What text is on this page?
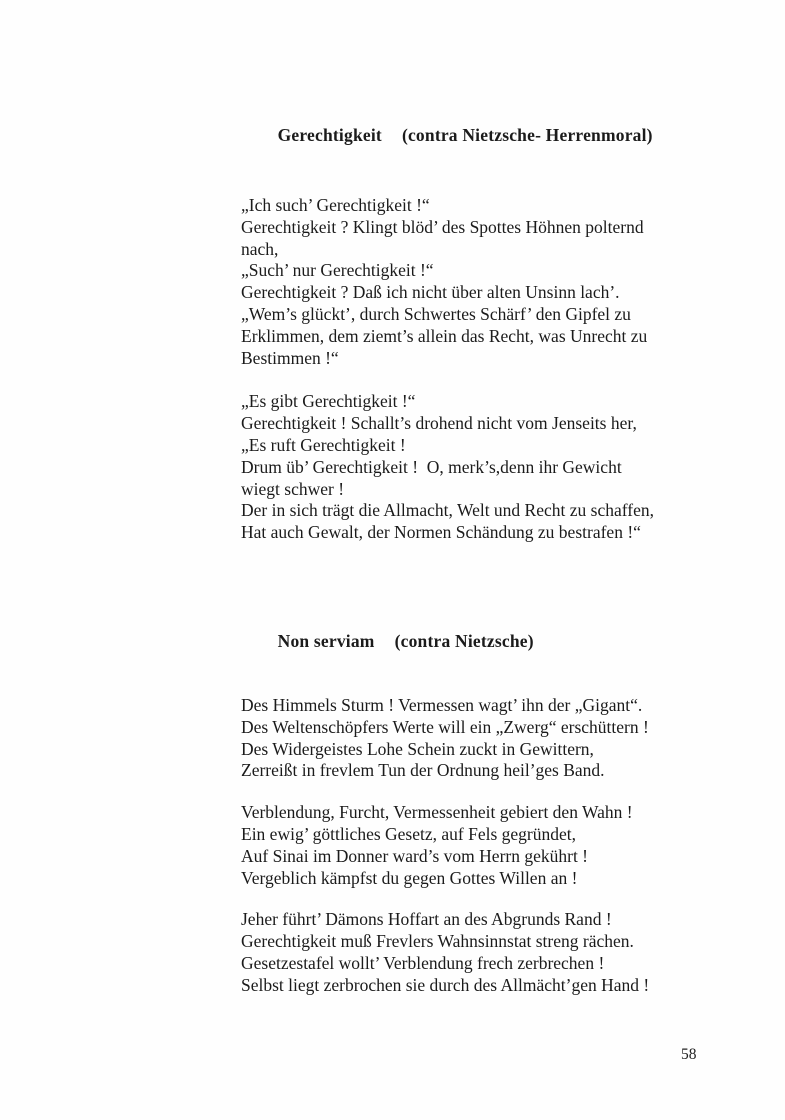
Gerechtigkeit (contra Nietzsche- Herrenmoral)

„Ich such’ Gerechtigkeit !“
Gerechtigkeit ? Klingt blöd’ des Spottes Höhnen polternd
nach,
„Such’ nur Gerechtigkeit !“
Gerechtigkeit ? Daß ich nicht über alten Unsinn lach’.
„Wem’s glückt’, durch Schwertes Schärf’ den Gipfel zu
Erklimmen, dem ziemt’s allein das Recht, was Unrecht zu
Bestimmen !“
„Es gibt Gerechtigkeit !“
Gerechtigkeit ! Schallt’s drohend nicht vom Jenseits her,
„Es ruft Gerechtigkeit !
Drum üb’ Gerechtigkeit !  O, merk’s,denn ihr Gewicht
wiegt schwer !
Der in sich trägt die Allmacht, Welt und Recht zu schaffen,
Hat auch Gewalt, der Normen Schändung zu bestrafen !“

Non serviam (contra Nietzsche)

Des Himmels Sturm ! Vermessen wagt’ ihn der „Gigant“.
Des Weltenschöpfers Werte will ein „Zwerg“ erschüttern !
Des Widergeistes Lohe Schein zuckt in Gewittern,
Zerreißt in frevlem Tun der Ordnung heil’ges Band.
Verblendung, Furcht, Vermessenheit gebiert den Wahn !
Ein ewig’ göttliches Gesetz, auf Fels gegründet,
Auf Sinai im Donner ward’s vom Herrn gekührt !
Vergeblich kämpfst du gegen Gottes Willen an !
Jeher führt’ Dämons Hoffart an des Abgrunds Rand !
Gerechtigkeit muß Frevlers Wahnsinnstat streng rächen.
Gesetzestafel wollt’ Verblendung frech zerbrechen !
Selbst liegt zerbrochen sie durch des Allmächt’gen Hand !
58
